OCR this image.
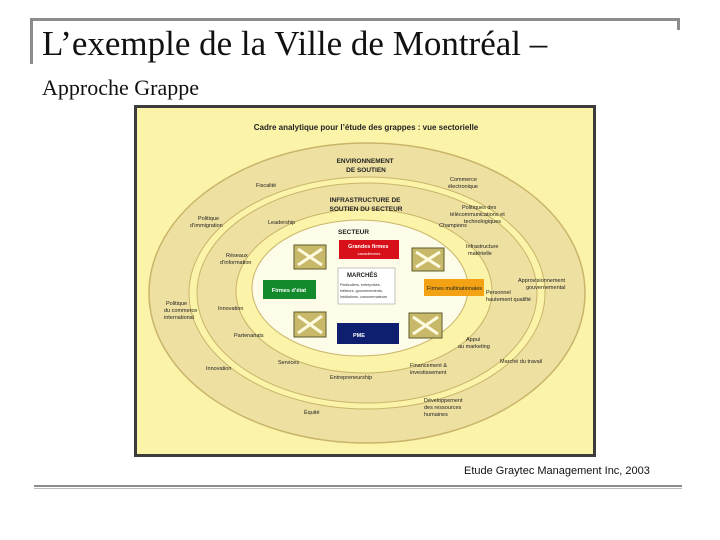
L’exemple de la Ville de Montréal –
Approche Grappe
Cadre analytique pour l’étude des grappes : vue sectorielle
ENVIRONNEMENT DE SOUTIEN
INFRASTRUCTURE DE SOUTIEN DU SECTEUR
SECTEUR
Grandes firmes canadiennes
MARCHÉS
Particuliers, entreprises, éditeurs, gouvernements, institutions, consommateurs
Firmes d’état	Firmes multinationales
PME
Fiscalité
Commerce électronique
Politique d’immigration
Politiques des télécommunications et technologiques
Politique du commerce international
Approvisionnement gouvernemental
Personnel hautement qualifié
Innovation
Marché du travail
Équité
Développement des ressources humaines
Leadership	Champions
Réseaux d’information
Infrastructure matérielle
Innovation
Partenariats
Appui au marketing
Services
Entrepreneurship
Financement & investissement
Etude Graytec Management Inc, 2003
